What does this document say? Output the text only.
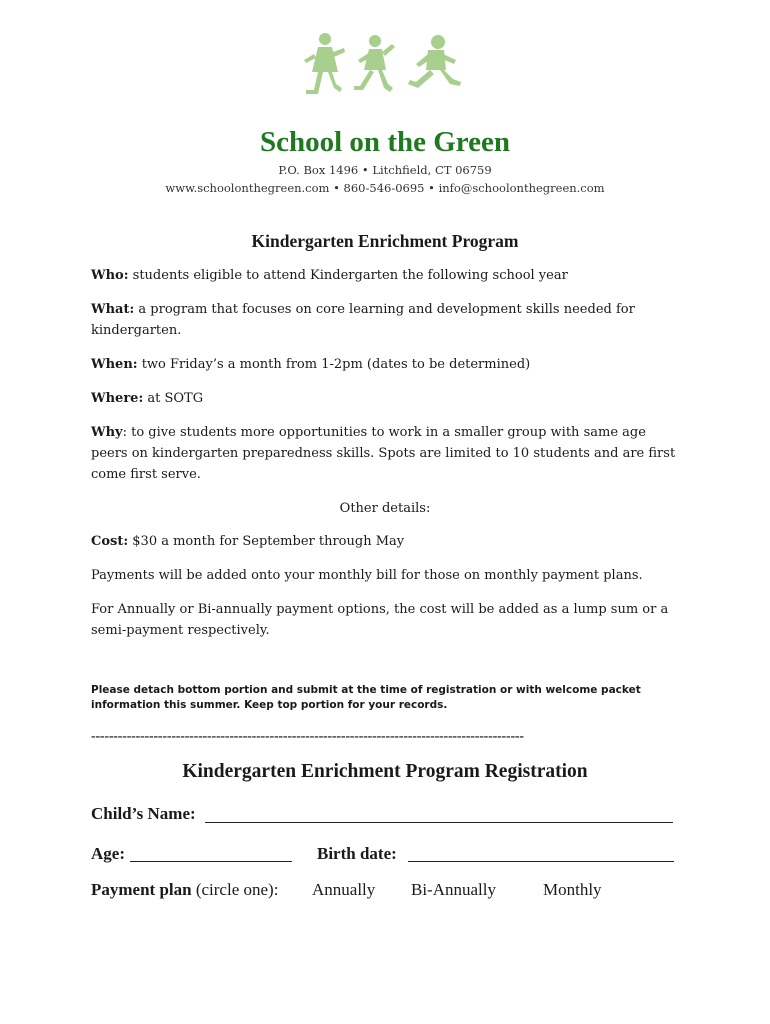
School on the Green
P.O. Box 1496 • Litchfield, CT 06759
www.schoolonthegreen.com • 860-546-0695 • info@schoolonthegreen.com
Kindergarten Enrichment Program
Who: students eligible to attend Kindergarten the following school year
What: a program that focuses on core learning and development skills needed for kindergarten.
When: two Friday’s a month from 1-2pm (dates to be determined)
Where: at SOTG
Why: to give students more opportunities to work in a smaller group with same age peers on kindergarten preparedness skills. Spots are limited to 10 students and are first come first serve.
Other details:
Cost: $30 a month for September through May
Payments will be added onto your monthly bill for those on monthly payment plans.
For Annually or Bi-annually payment options, the cost will be added as a lump sum or a semi-payment respectively.
Please detach bottom portion and submit at the time of registration or with welcome packet information this summer. Keep top portion for your records.
-------------------------------------------------------------------------------------------------
Kindergarten Enrichment Program Registration
Child’s Name:
Age:	Birth date:
Payment plan (circle one): Annually Bi-Annually	Monthly
